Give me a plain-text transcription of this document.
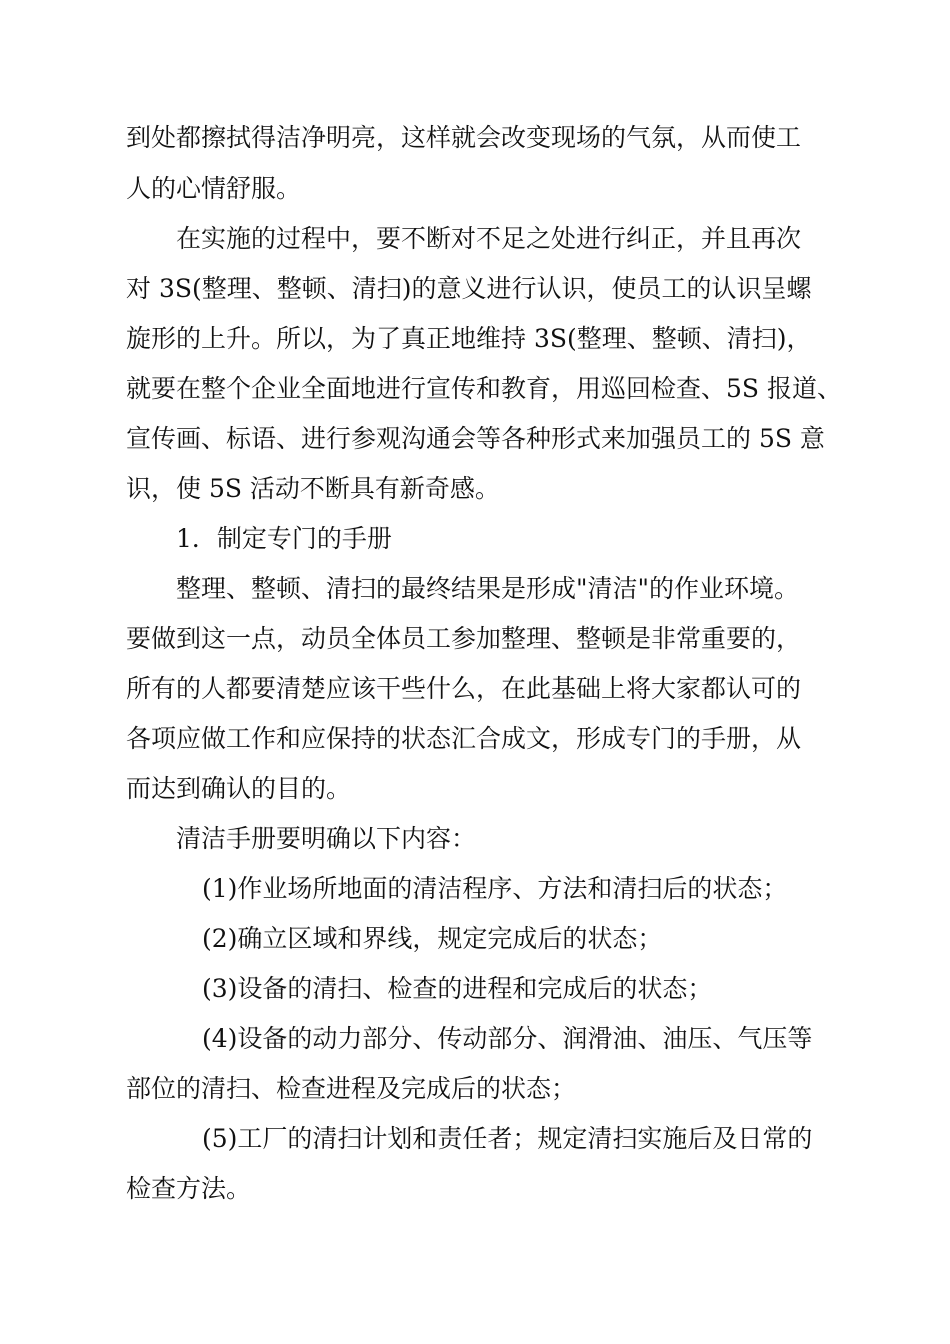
到处都擦拭得洁净明亮，这样就会改变现场的气氛，从而使工
人的心情舒服。
在实施的过程中，要不断对不足之处进行纠正，并且再次
对 3S(整理、整顿、清扫)的意义进行认识，使员工的认识呈螺
旋形的上升。所以，为了真正地维持 3S(整理、整顿、清扫)，
就要在整个企业全面地进行宣传和教育，用巡回检查、5S 报道、
宣传画、标语、进行参观沟通会等各种形式来加强员工的 5S 意
识，使 5S 活动不断具有新奇感。
1．制定专门的手册
整理、整顿、清扫的最终结果是形成"清洁"的作业环境。
要做到这一点，动员全体员工参加整理、整顿是非常重要的，
所有的人都要清楚应该干些什么，在此基础上将大家都认可的
各项应做工作和应保持的状态汇合成文，形成专门的手册，从
而达到确认的目的。
清洁手册要明确以下内容：
(1)作业场所地面的清洁程序、方法和清扫后的状态；
(2)确立区域和界线，规定完成后的状态；
(3)设备的清扫、检查的进程和完成后的状态；
(4)设备的动力部分、传动部分、润滑油、油压、气压等
部位的清扫、检查进程及完成后的状态；
(5)工厂的清扫计划和责任者；规定清扫实施后及日常的
检查方法。
